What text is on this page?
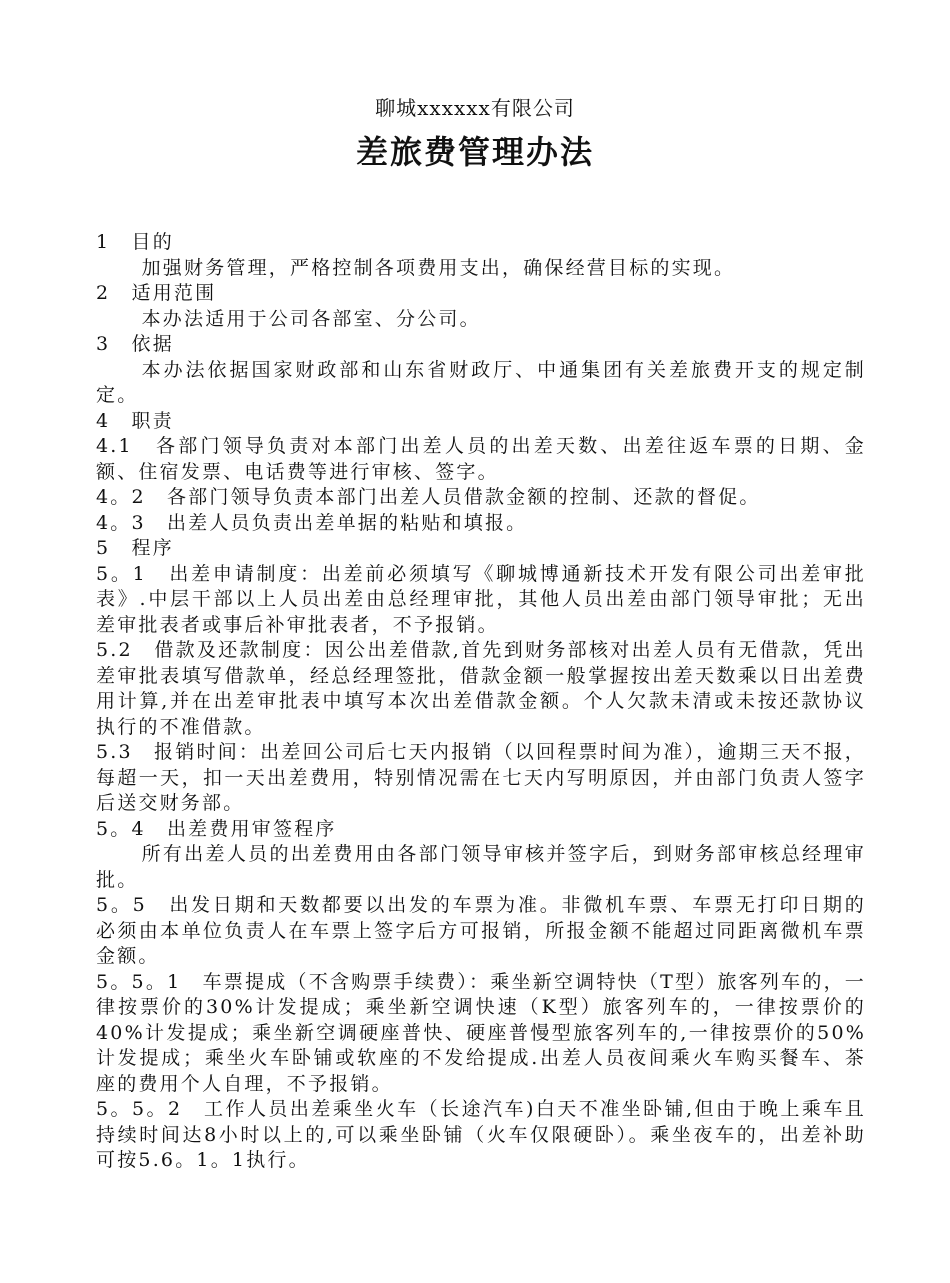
聊城xxxxxx有限公司
差旅费管理办法

1　目的

加强财务管理，严格控制各项费用支出，确保经营目标的实现。

2　适用范围

本办法适用于公司各部室、分公司。

3　依据

本办法依据国家财政部和山东省财政厅、中通集团有关差旅费开支的规定制定。

4　职责

4.1　各部门领导负责对本部门出差人员的出差天数、出差往返车票的日期、金额、住宿发票、电话费等进行审核、签字。

4。2　各部门领导负责本部门出差人员借款金额的控制、还款的督促。

4。3　出差人员负责出差单据的粘贴和填报。

5　程序

5。1　出差申请制度：出差前必须填写《聊城博通新技术开发有限公司出差审批表》.中层干部以上人员出差由总经理审批，其他人员出差由部门领导审批；无出差审批表者或事后补审批表者，不予报销。

5.2　借款及还款制度：因公出差借款,首先到财务部核对出差人员有无借款，凭出差审批表填写借款单，经总经理签批，借款金额一般掌握按出差天数乘以日出差费用计算,并在出差审批表中填写本次出差借款金额。个人欠款未清或未按还款协议执行的不准借款。

5.3　报销时间：出差回公司后七天内报销（以回程票时间为准），逾期三天不报，每超一天，扣一天出差费用，特别情况需在七天内写明原因，并由部门负责人签字后送交财务部。

5。4　出差费用审签程序

所有出差人员的出差费用由各部门领导审核并签字后，到财务部审核总经理审批。

5。5　出发日期和天数都要以出发的车票为准。非微机车票、车票无打印日期的必须由本单位负责人在车票上签字后方可报销，所报金额不能超过同距离微机车票金额。

5。5。1　车票提成（不含购票手续费）：乘坐新空调特快（T型）旅客列车的，一律按票价的30%计发提成；乘坐新空调快速（K型）旅客列车的，一律按票价的40%计发提成；乘坐新空调硬座普快、硬座普慢型旅客列车的,一律按票价的50%计发提成；乘坐火车卧铺或软座的不发给提成.出差人员夜间乘火车购买餐车、茶座的费用个人自理，不予报销。

5。5。2　工作人员出差乘坐火车（长途汽车)白天不准坐卧铺,但由于晚上乘车且持续时间达8小时以上的,可以乘坐卧铺（火车仅限硬卧）。乘坐夜车的，出差补助可按5.6。1。1执行。
